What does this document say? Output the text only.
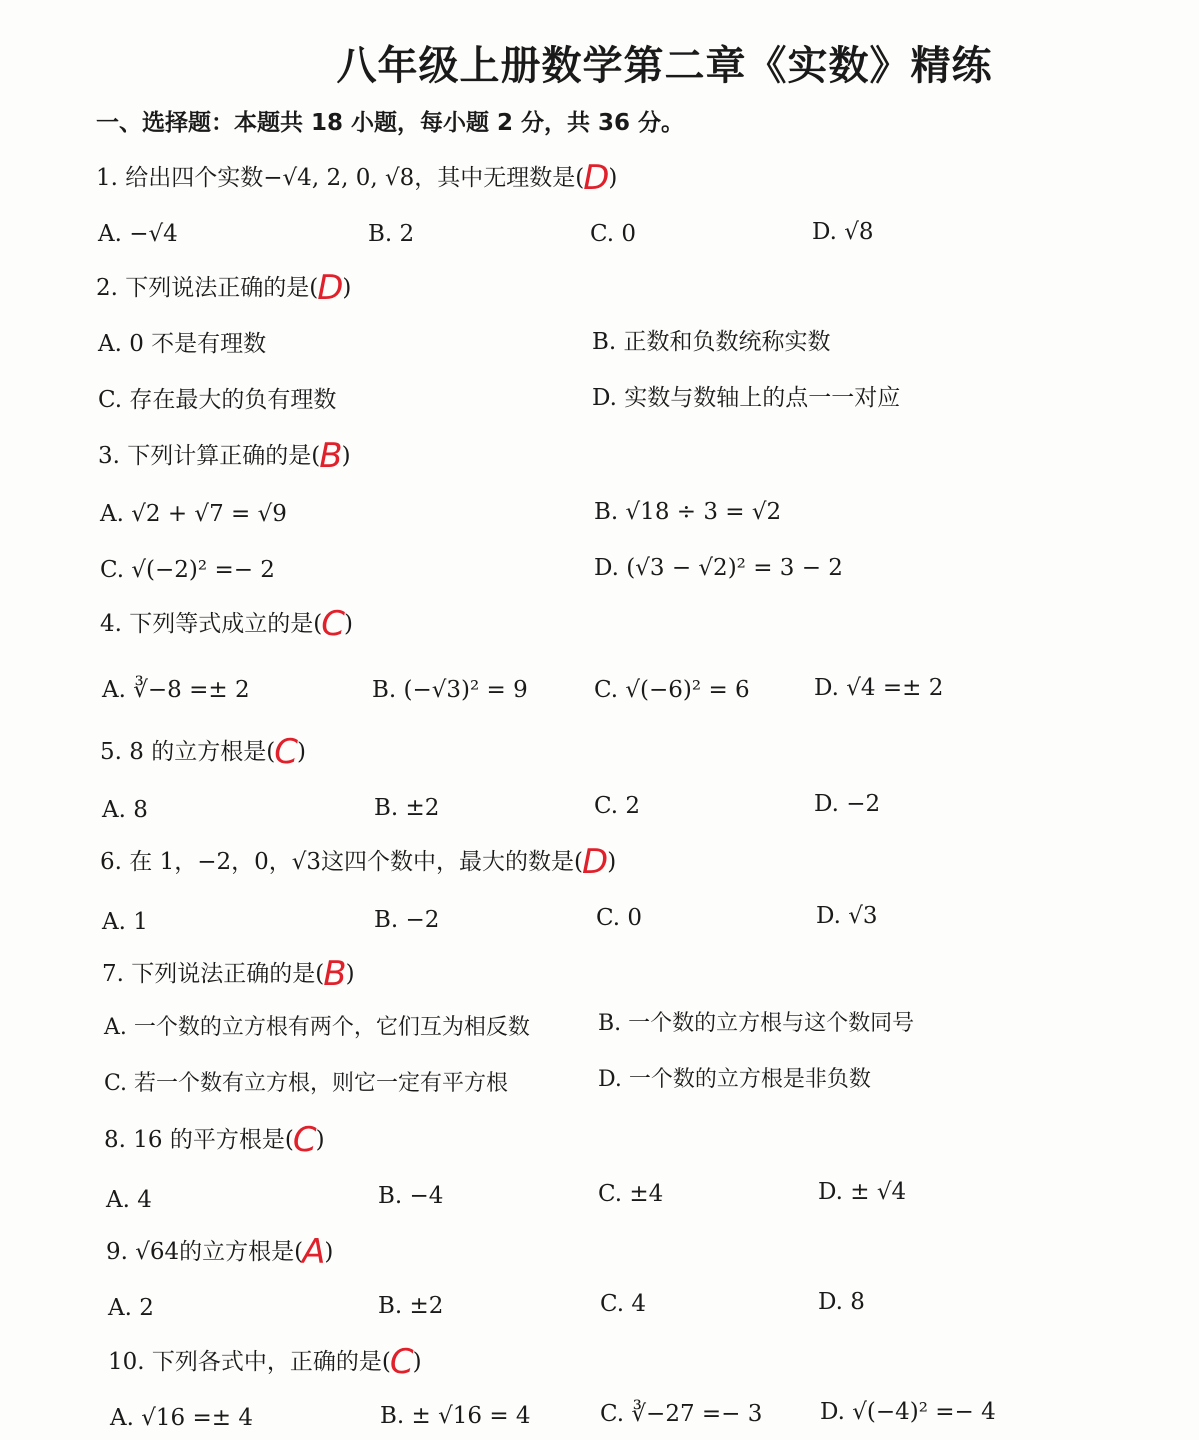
八年级上册数学第二章《实数》精练
一、选择题：本题共 18 小题，每小题 2 分，共 36 分。
1. 给出四个实数−√4, 2, 0, √8，其中无理数是(D)
A. −√4	B. 2	C. 0	D. √8
2. 下列说法正确的是(D)
A. 0 不是有理数	B. 正数和负数统称实数
C. 存在最大的负有理数	D. 实数与数轴上的点一一对应
3. 下列计算正确的是(B)
A. √2 + √7 = √9	B. √18 ÷ 3 = √2
C. √(−2)² =− 2	D. (√3 − √2)² = 3 − 2
4. 下列等式成立的是(C)
A. ∛−8 =± 2	B. (−√3)² = 9	C. √(−6)² = 6	D. √4 =± 2
5. 8 的立方根是(C)
A. 8	B. ±2	C. 2	D. −2
6. 在 1，−2，0，√3这四个数中，最大的数是(D)
A. 1	B. −2	C. 0	D. √3
7. 下列说法正确的是(B)
A. 一个数的立方根有两个，它们互为相反数	B. 一个数的立方根与这个数同号
C. 若一个数有立方根，则它一定有平方根	D. 一个数的立方根是非负数
8. 16 的平方根是(C)
A. 4	B. −4	C. ±4	D. ± √4
9. √64的立方根是(A)
A. 2	B. ±2	C. 4	D. 8
10. 下列各式中，正确的是(C)
A. √16 =± 4	B. ± √16 = 4	C. ∛−27 =− 3	D. √(−4)² =− 4
